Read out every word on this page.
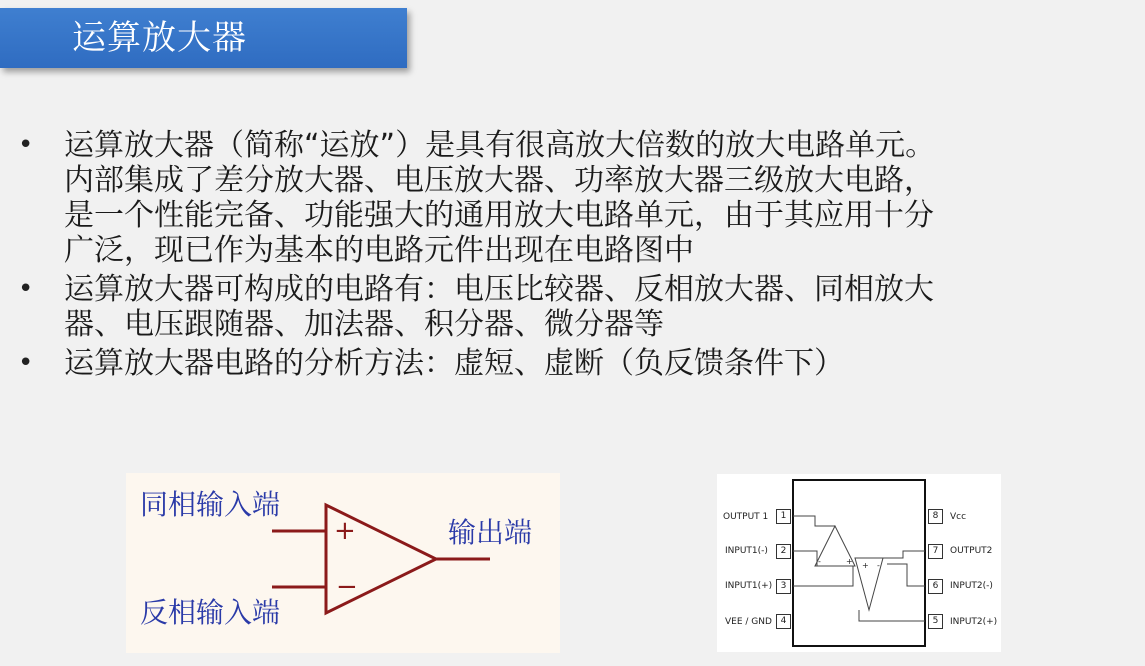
运算放大器
• 运算放大器（简称“运放”）是具有很高放大倍数的放大电路单元。
内部集成了差分放大器、电压放大器、功率放大器三级放大电路，
是一个性能完备、功能强大的通用放大电路单元，由于其应用十分
广泛，现已作为基本的电路元件出现在电路图中
• 运算放大器可构成的电路有：电压比较器、反相放大器、同相放大
器、电压跟随器、加法器、积分器、微分器等
• 运算放大器电路的分析方法：虚短、虚断（负反馈条件下）
同相输入端
反相输入端
输出端
+
−
OUTPUT 1	1
INPUT1(-)	2
INPUT1(+) 3
VEE / GND 4
8	Vcc
7	OUTPUT2
6	INPUT2(-)
5	INPUT2(+)
-	+ + -
